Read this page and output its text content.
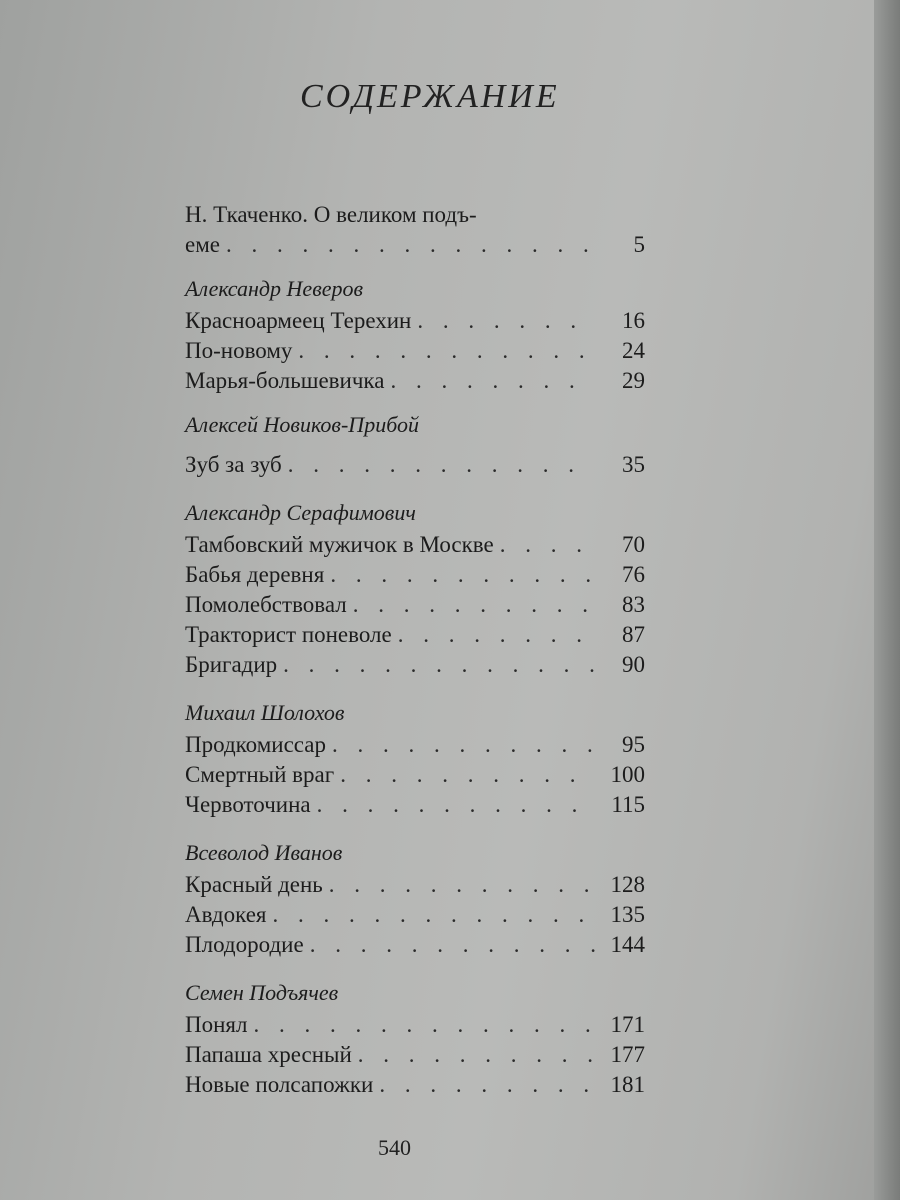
СОДЕРЖАНИЕ
Н. Ткаченко. О великом подъ-
еме . . .	5
Александр Неверов
Красноармеец Терехин . . .	16
По-новому . . .	24
Марья-большевичка . . .	29
Алексей Новиков-Прибой
Зуб за зуб . . .	35
Александр Серафимович
Тамбовский мужичок в Москве . . .	70
Бабья деревня . . .	76
Помолебствовал . . .	83
Тракторист поневоле . . .	87
Бригадир . . .	90
Михаил Шолохов
Продкомиссар . . .	95
Смертный враг . . .	100
Червоточина . . .	115
Всеволод Иванов
Красный день . . .	128
Авдокея . . .	135
Плодородие . . .	144
Семен Подъячев
Понял . . .	171
Папаша хресный . . .	177
Новые полсапожки . . .	181
540
